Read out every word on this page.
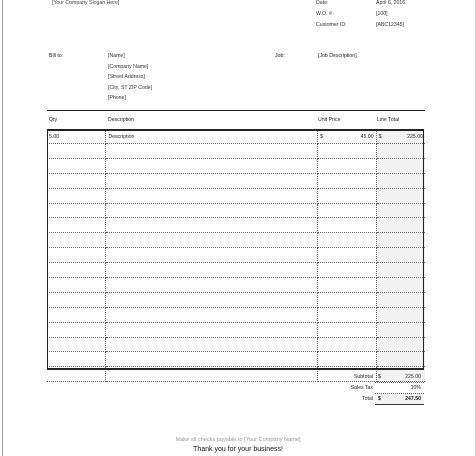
[Your Company Slogan Here]	Date:	April 6, 2016
W.O. #	[100]
Customer ID:	[ABC12345]
Bill to:	[Name]
[Company Name]
[Street Address]
[City, ST ZIP Code]
[Phone]
Job:	[Job Description]
Qty	Description	Unit Price	Line Total
5.00	Description	$ 45.00	$ 225.00

Subtotal $	225.00
Sales Tax	10%
Total $	247.50
Make all checks payable to [Your Company Name]
Thank you for your business!
